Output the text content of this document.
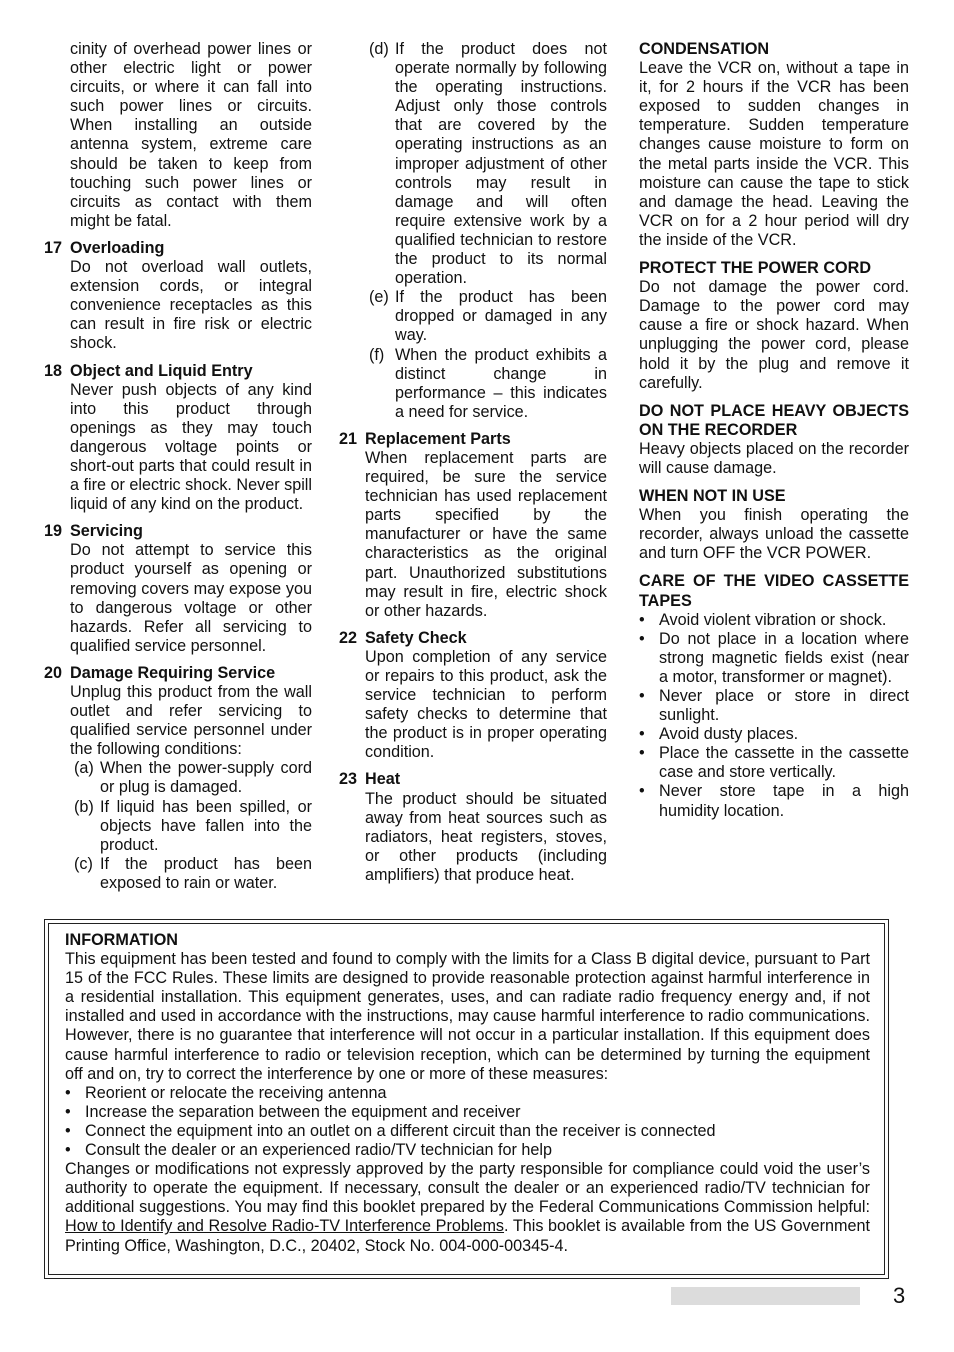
cinity of overhead power lines or other electric light or power circuits, or where it can fall into such power lines or circuits. When installing an outside antenna system, extreme care should be taken to keep from touching such power lines or circuits as contact with them might be fatal.

17 Overloading

Do not overload wall outlets, extension cords, or integral convenience receptacles as this can result in fire risk or electric shock.

18 Object and Liquid Entry

Never push objects of any kind into this product through openings as they may touch dangerous voltage points or short-out parts that could result in a fire or electric shock. Never spill liquid of any kind on the product.

19 Servicing

Do not attempt to service this product yourself as opening or removing covers may expose you to dangerous voltage or other hazards. Refer all servicing to qualified service personnel.

20 Damage Requiring Service

Unplug this product from the wall outlet and refer servicing to qualified service personnel under the following conditions:

(a) When the power-supply cord or plug is damaged.
(b) If liquid has been spilled, or objects have fallen into the product.
(c) If the product has been exposed to rain or water.
(d) If the product does not operate normally by following the operating instructions. Adjust only those controls that are covered by the operating instructions as an improper adjustment of other controls may result in damage and will often require extensive work by a qualified technician to restore the product to its normal operation.
(e) If the product has been dropped or damaged in any way.
(f) When the product exhibits a distinct change in performance – this indicates a need for service.
21 Replacement Parts

When replacement parts are required, be sure the service technician has used replacement parts specified by the manufacturer or have the same characteristics as the original part. Unauthorized substitutions may result in fire, electric shock or other hazards.

22 Safety Check

Upon completion of any service or repairs to this product, ask the service technician to perform safety checks to determine that the product is in proper operating condition.

23 Heat

The product should be situated away from heat sources such as radiators, heat registers, stoves, or other products (including amplifiers) that produce heat.

CONDENSATION

Leave the VCR on, without a tape in it, for 2 hours if the VCR has been exposed to sudden changes in temperature. Sudden temperature changes cause moisture to form on the metal parts inside the VCR. This moisture can cause the tape to stick and damage the head. Leaving the VCR on for a 2 hour period will dry the inside of the VCR.

PROTECT THE POWER CORD

Do not damage the power cord. Damage to the power cord may cause a fire or shock hazard. When unplugging the power cord, please hold it by the plug and remove it carefully.

DO NOT PLACE HEAVY OBJECTS ON THE RECORDER

Heavy objects placed on the recorder will cause damage.

WHEN NOT IN USE

When you finish operating the recorder, always unload the cassette and turn OFF the VCR POWER.

CARE OF THE VIDEO CASSETTE TAPES
• Avoid violent vibration or shock.
• Do not place in a location where strong magnetic fields exist (near a motor, transformer or magnet).
• Never place or store in direct sunlight.
• Avoid dusty places.
• Place the cassette in the cassette case and store vertically.
• Never store tape in a high humidity location.
INFORMATION

This equipment has been tested and found to comply with the limits for a Class B digital device, pursuant to Part 15 of the FCC Rules. These limits are designed to provide reasonable protection against harmful interference in a residential installation. This equipment generates, uses, and can radiate radio frequency energy and, if not installed and used in accordance with the instructions, may cause harmful interference to radio communications. However, there is no guarantee that interference will not occur in a particular installation. If this equipment does cause harmful interference to radio or television reception, which can be determined by turning the equipment off and on, try to correct the interference by one or more of these measures:

• Reorient or relocate the receiving antenna
• Increase the separation between the equipment and receiver
• Connect the equipment into an outlet on a different circuit than the receiver is connected
• Consult the dealer or an experienced radio/TV technician for help

Changes or modifications not expressly approved by the party responsible for compliance could void the user’s authority to operate the equipment. If necessary, consult the dealer or an experienced radio/TV technician for additional suggestions. You may find this booklet prepared by the Federal Communications Commission helpful: How to Identify and Resolve Radio-TV Interference Problems. This booklet is available from the US Government Printing Office, Washington, D.C., 20402, Stock No. 004-000-00345-4.

3
